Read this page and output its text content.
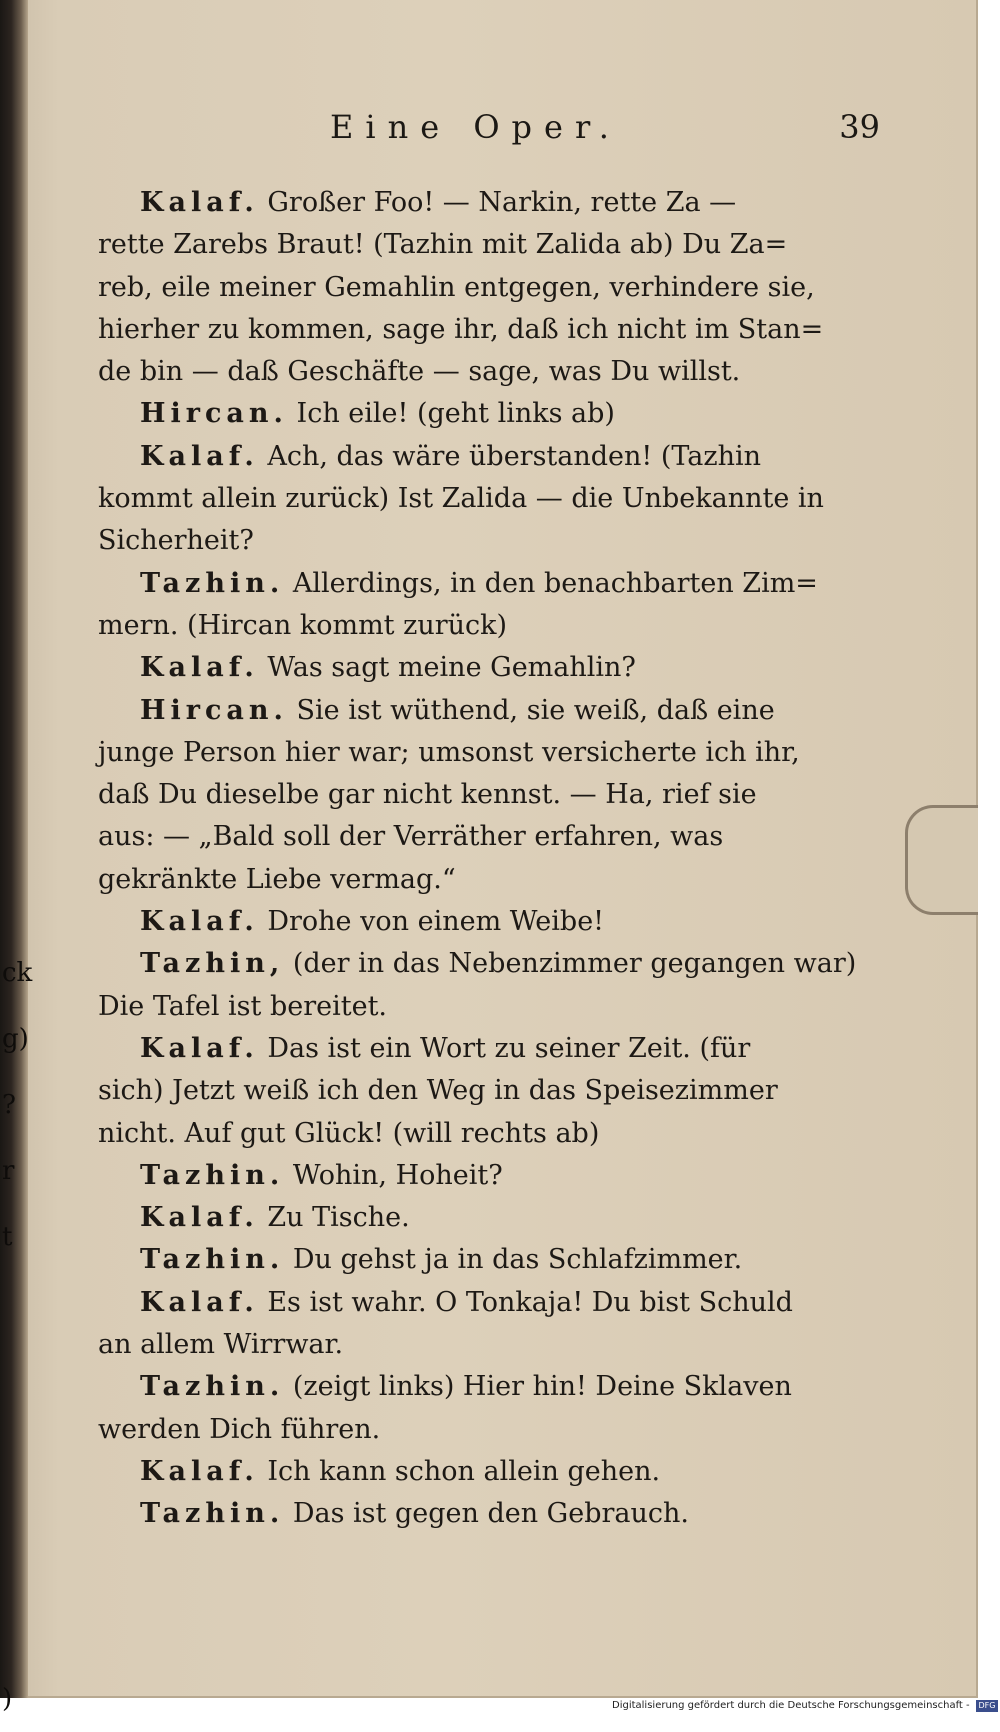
ck
g)
?
r
t

)
Eine Oper.	39
Kalaf. Großer Foo! — Narkin, rette Za —
rette Zarebs Braut! (Tazhin mit Zalida ab) Du Za=
reb, eile meiner Gemahlin entgegen, verhindere sie,
hierher zu kommen, sage ihr, daß ich nicht im Stan=
de bin — daß Geschäfte — sage, was Du willst.
Hircan. Ich eile! (geht links ab)
Kalaf. Ach, das wäre überstanden! (Tazhin
kommt allein zurück) Ist Zalida — die Unbekannte in
Sicherheit?
Tazhin. Allerdings, in den benachbarten Zim=
mern. (Hircan kommt zurück)
Kalaf. Was sagt meine Gemahlin?
Hircan. Sie ist wüthend, sie weiß, daß eine
junge Person hier war; umsonst versicherte ich ihr,
daß Du dieselbe gar nicht kennst. — Ha, rief sie
aus: — „Bald soll der Verräther erfahren, was
gekränkte Liebe vermag.“
Kalaf. Drohe von einem Weibe!
Tazhin, (der in das Nebenzimmer gegangen war)
Die Tafel ist bereitet.
Kalaf. Das ist ein Wort zu seiner Zeit. (für
sich) Jetzt weiß ich den Weg in das Speisezimmer
nicht. Auf gut Glück! (will rechts ab)
Tazhin. Wohin, Hoheit?
Kalaf. Zu Tische.
Tazhin. Du gehst ja in das Schlafzimmer.
Kalaf. Es ist wahr. O Tonkaja! Du bist Schuld
an allem Wirrwar.
Tazhin. (zeigt links) Hier hin! Deine Sklaven
werden Dich führen.
Kalaf. Ich kann schon allein gehen.
Tazhin. Das ist gegen den Gebrauch.
Digitalisierung gefördert durch die Deutsche Forschungsgemeinschaft -	DFG
